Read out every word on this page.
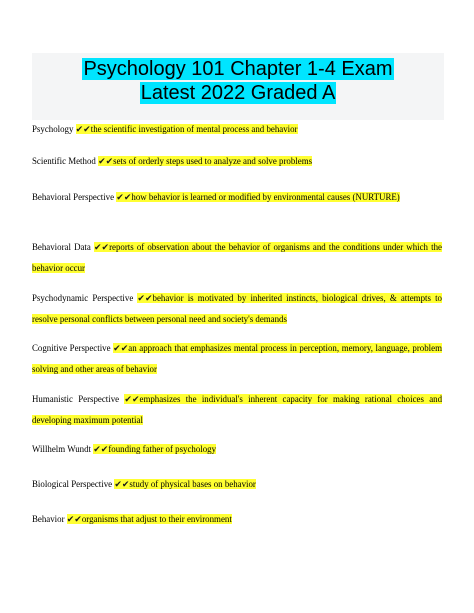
Psychology 101 Chapter 1-4 Exam
Latest 2022 Graded A
Psychology ✔✔the scientific investigation of mental process and behavior
Scientific Method ✔✔sets of orderly steps used to analyze and solve problems
Behavioral Perspective ✔✔how behavior is learned or modified by environmental causes (NURTURE)
Behavioral Data ✔✔reports of observation about the behavior of organisms and the conditions under which the behavior occur
Psychodynamic Perspective ✔✔behavior is motivated by inherited instincts, biological drives, & attempts to resolve personal conflicts between personal need and society's demands
Cognitive Perspective ✔✔an approach that emphasizes mental process in perception, memory, language, problem solving and other areas of behavior
Humanistic Perspective ✔✔emphasizes the individual's inherent capacity for making rational choices and developing maximum potential
Willhelm Wundt ✔✔founding father of psychology
Biological Perspective ✔✔study of physical bases on behavior
Behavior ✔✔organisms that adjust to their environment
